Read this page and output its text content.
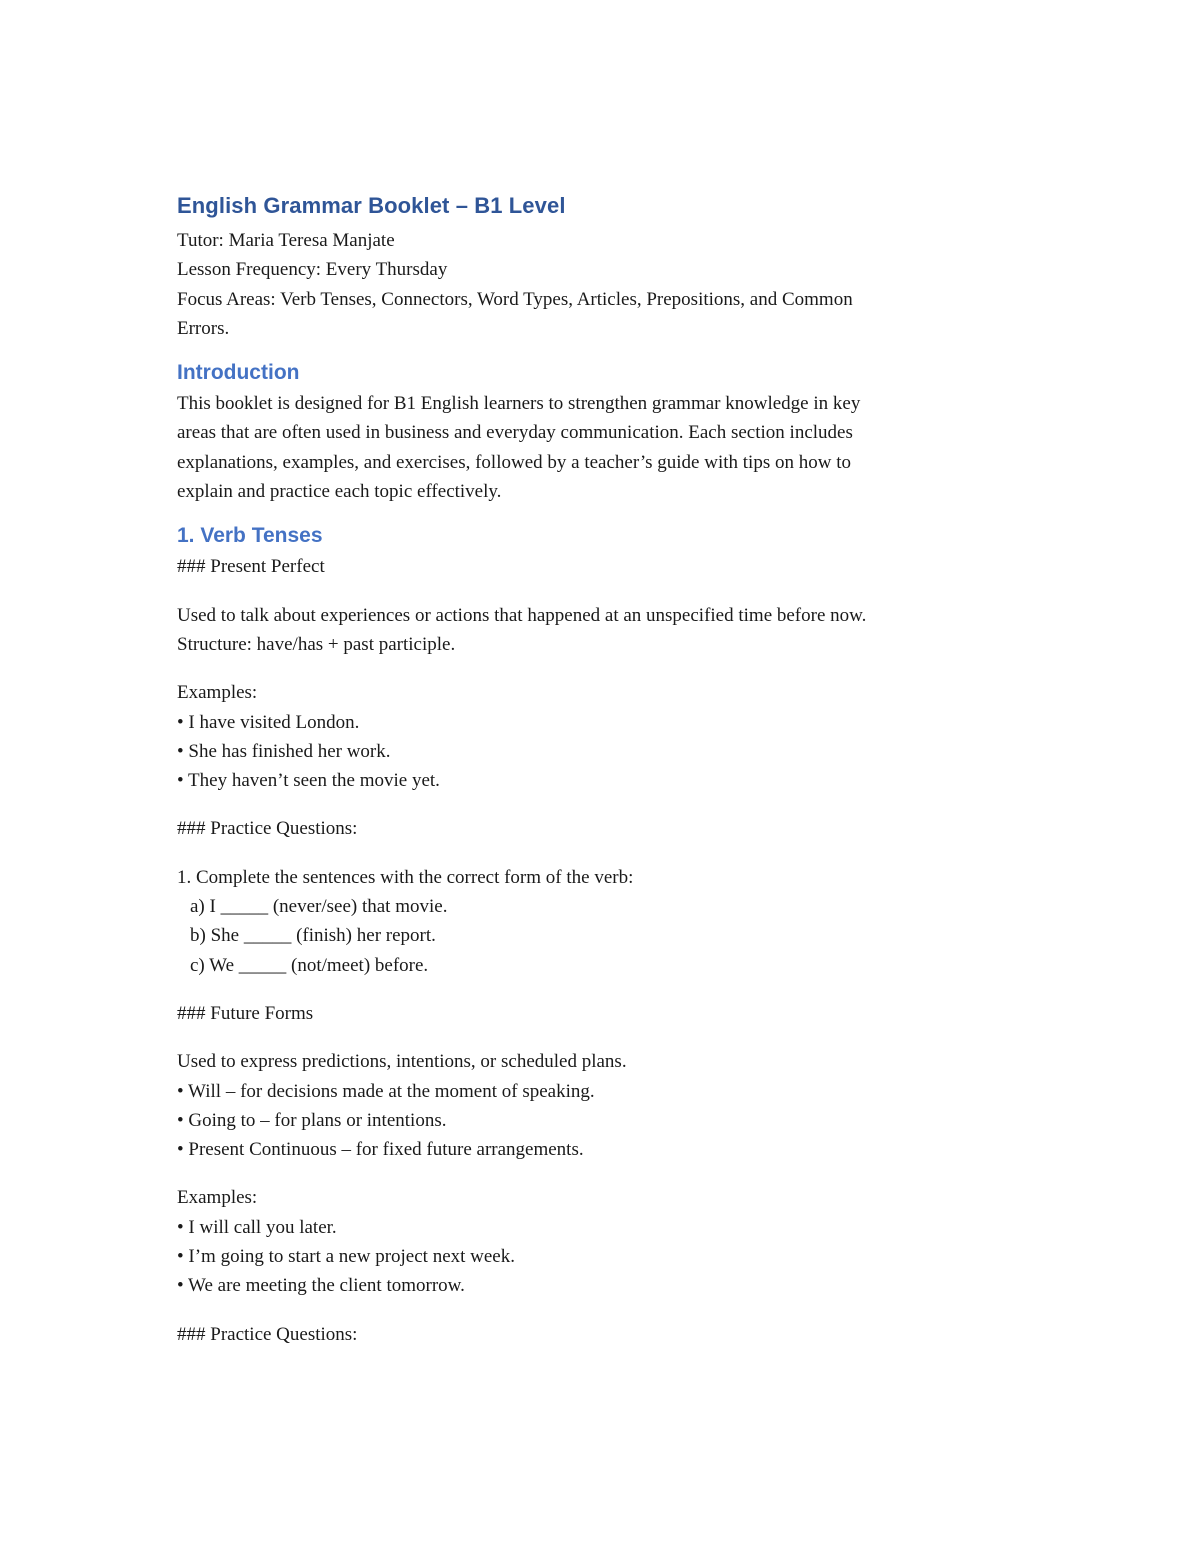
English Grammar Booklet – B1 Level

Tutor: Maria Teresa Manjate

Lesson Frequency: Every Thursday

Focus Areas: Verb Tenses, Connectors, Word Types, Articles, Prepositions, and Common

Errors.

Introduction

This booklet is designed for B1 English learners to strengthen grammar knowledge in key

areas that are often used in business and everyday communication. Each section includes

explanations, examples, and exercises, followed by a teacher’s guide with tips on how to

explain and practice each topic effectively.

1. Verb Tenses

### Present Perfect

Used to talk about experiences or actions that happened at an unspecified time before now.

Structure: have/has + past participle.

Examples:

• I have visited London.

• She has finished her work.

• They haven’t seen the movie yet.

### Practice Questions:

1. Complete the sentences with the correct form of the verb:

a) I _____ (never/see) that movie.

b) She _____ (finish) her report.

c) We _____ (not/meet) before.

### Future Forms

Used to express predictions, intentions, or scheduled plans.

• Will – for decisions made at the moment of speaking.

• Going to – for plans or intentions.

• Present Continuous – for fixed future arrangements.

Examples:

• I will call you later.

• I’m going to start a new project next week.

• We are meeting the client tomorrow.

### Practice Questions:
